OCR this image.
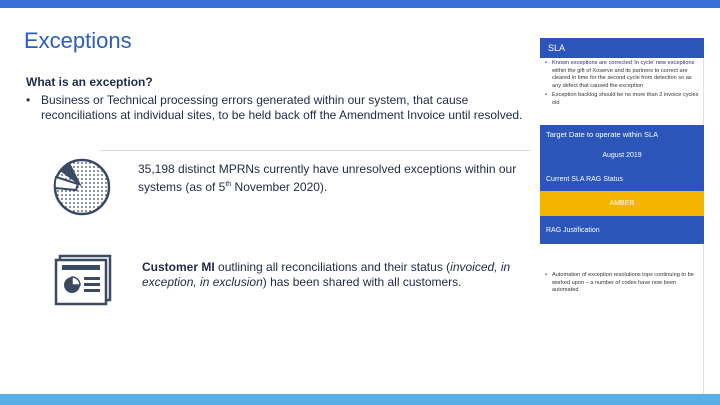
Exceptions
What is an exception?
• Business or Technical processing errors generated within our system, that cause reconciliations at individual sites, to be held back off the Amendment Invoice until resolved.
35,198 distinct MPRNs currently have unresolved exceptions within our systems (as of 5th November 2020).
Customer MI outlining all reconciliations and their status (invoiced, in exception, in exclusion) has been shared with all customers.
SLA
• Known exceptions are corrected 'in cycle' new exceptions within the gift of Xoserve and its partners to correct are cleared in time for the second cycle from detection so as any defect that caused the exception
• Exception backlog should be no more than 2 invoice cycles old
Target Date to operate within SLA
August 2019
Current SLA RAG Status
AMBER
RAG Justification
• Automation of exception resolutions tops continuing to be worked upon – a number of codes have now been automated
